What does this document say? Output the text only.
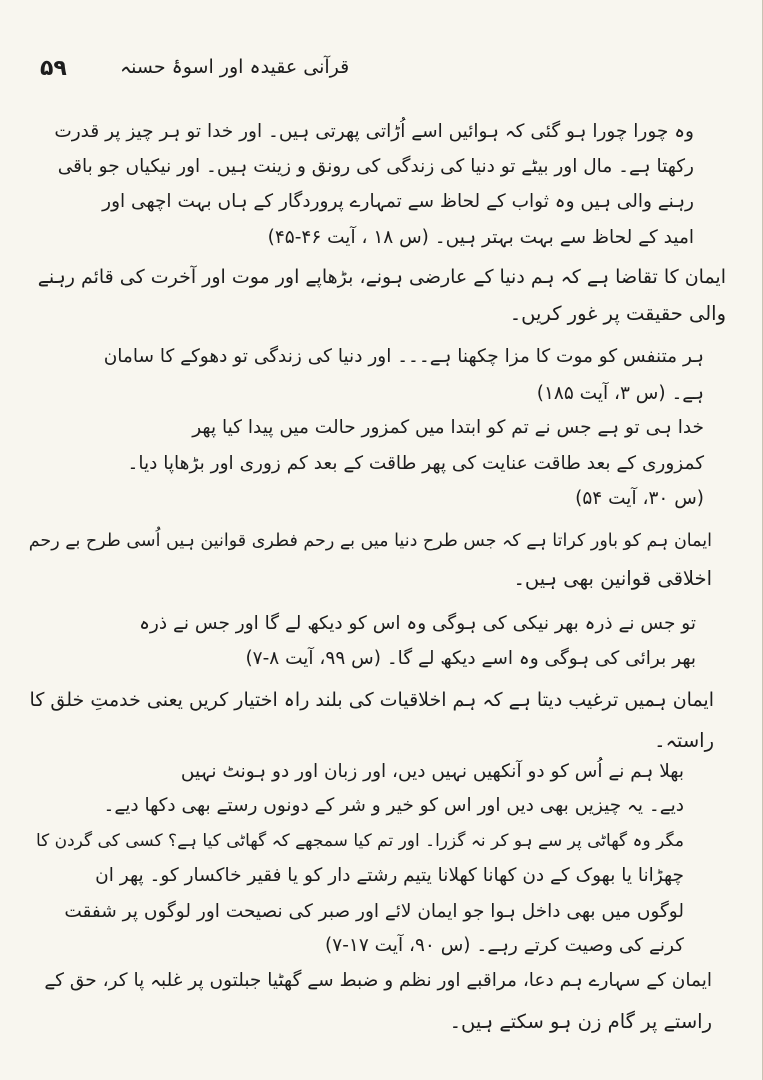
۵۹	قرآنی عقیدہ اور اسوۂ حسنہ
وہ چورا چورا ہو گئی کہ ہوائیں اسے اُڑاتی پھرتی ہیں۔ اور خدا تو ہر چیز پر قدرت
رکھتا ہے۔ مال اور بیٹے تو دنیا کی زندگی کی رونق و زینت ہیں۔ اور نیکیاں جو باقی
رہنے والی ہیں وہ ثواب کے لحاظ سے تمہارے پروردگار کے ہاں بہت اچھی اور
امید کے لحاظ سے بہت بہتر ہیں۔ (س ۱۸ ، آیت ۴۶-۴۵)
ایمان کا تقاضا ہے کہ ہم دنیا کے عارضی ہونے، بڑھاپے اور موت اور آخرت کی قائم رہنے
والی حقیقت پر غور کریں۔
ہر متنفس کو موت کا مزا چکھنا ہے۔۔۔ اور دنیا کی زندگی تو دھوکے کا سامان
ہے۔ (س ۳، آیت ۱۸۵)
خدا ہی تو ہے جس نے تم کو ابتدا میں کمزور حالت میں پیدا کیا پھر
کمزوری کے بعد طاقت عنایت کی پھر طاقت کے بعد کم زوری اور بڑھاپا دیا۔
(س ۳۰، آیت ۵۴)
ایمان ہم کو باور کراتا ہے کہ جس طرح دنیا میں بے رحم فطری قوانین ہیں اُسی طرح بے رحم
اخلاقی قوانین بھی ہیں۔
تو جس نے ذرہ بھر نیکی کی ہوگی وہ اس کو دیکھ لے گا اور جس نے ذرہ
بھر برائی کی ہوگی وہ اسے دیکھ لے گا۔ (س ۹۹، آیت ۸-۷)
ایمان ہمیں ترغیب دیتا ہے کہ ہم اخلاقیات کی بلند راہ اختیار کریں یعنی خدمتِ خلق کا
راستہ۔
بھلا ہم نے اُس کو دو آنکھیں نہیں دیں، اور زبان اور دو ہونٹ نہیں
دیے۔ یہ چیزیں بھی دیں اور اس کو خیر و شر کے دونوں رستے بھی دکھا دیے۔
مگر وہ گھاٹی پر سے ہو کر نہ گزرا۔ اور تم کیا سمجھے کہ گھاٹی کیا ہے؟ کسی کی گردن کا
چھڑانا یا بھوک کے دن کھانا کھلانا یتیم رشتے دار کو یا فقیر خاکسار کو۔ پھر ان
لوگوں میں بھی داخل ہوا جو ایمان لائے اور صبر کی نصیحت اور لوگوں پر شفقت
کرنے کی وصیت کرتے رہے۔ (س ۹۰، آیت ۱۷-۷)
ایمان کے سہارے ہم دعا، مراقبے اور نظم و ضبط سے گھٹیا جبلتوں پر غلبہ پا کر، حق کے
راستے پر گام زن ہو سکتے ہیں۔
